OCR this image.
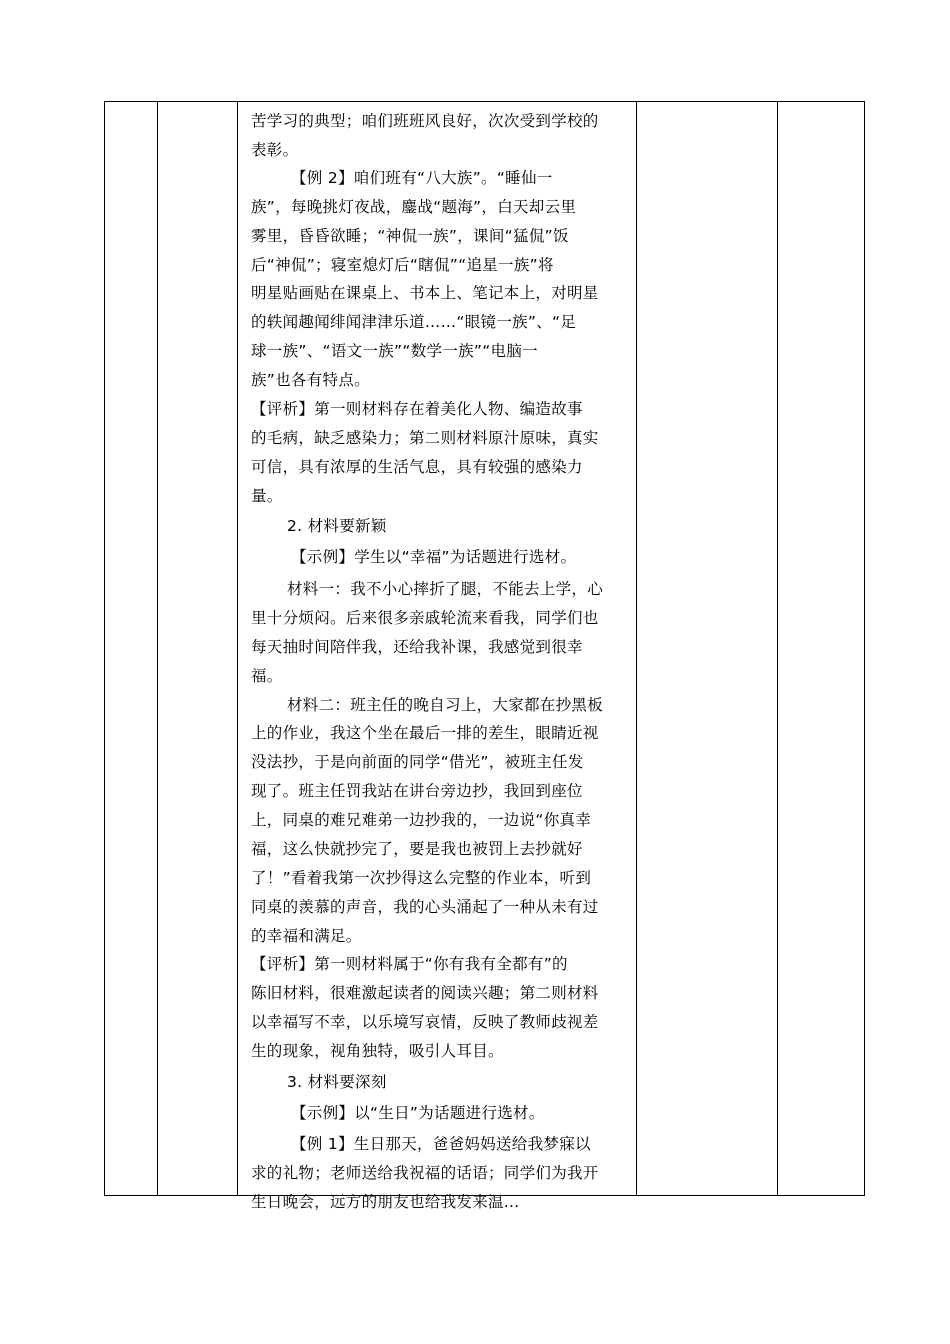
苦学习的典型；咱们班班风良好，次次受到学校的
表彰。
【例 2】咱们班有“八大族”。“睡仙一
族”，每晚挑灯夜战，鏖战“题海”，白天却云里
雾里，昏昏欲睡；“神侃一族”，课间“猛侃”饭
后“神侃”；寝室熄灯后“瞎侃”“追星一族”将
明星贴画贴在课桌上、书本上、笔记本上，对明星
的轶闻趣闻绯闻津津乐道……“眼镜一族”、“足
球一族”、“语文一族”“数学一族”“电脑一
族”也各有特点。
【评析】第一则材料存在着美化人物、编造故事
的毛病，缺乏感染力；第二则材料原汁原味，真实
可信，具有浓厚的生活气息，具有较强的感染力
量。
2. 材料要新颖
【示例】学生以“幸福”为话题进行选材。
材料一：我不小心摔折了腿，不能去上学，心
里十分烦闷。后来很多亲戚轮流来看我，同学们也
每天抽时间陪伴我，还给我补课，我感觉到很幸
福。
材料二：班主任的晚自习上，大家都在抄黑板
上的作业，我这个坐在最后一排的差生，眼睛近视
没法抄，于是向前面的同学“借光”，被班主任发
现了。班主任罚我站在讲台旁边抄，我回到座位
上，同桌的难兄难弟一边抄我的，一边说“你真幸
福，这么快就抄完了，要是我也被罚上去抄就好
了！”看着我第一次抄得这么完整的作业本，听到
同桌的羡慕的声音，我的心头涌起了一种从未有过
的幸福和满足。
【评析】第一则材料属于“你有我有全都有”的
陈旧材料，很难激起读者的阅读兴趣；第二则材料
以幸福写不幸，以乐境写哀情，反映了教师歧视差
生的现象，视角独特，吸引人耳目。
3. 材料要深刻
【示例】以“生日”为话题进行选材。
【例 1】生日那天，爸爸妈妈送给我梦寐以
求的礼物；老师送给我祝福的话语；同学们为我开
生日晚会，远方的朋友也给我发来温...
